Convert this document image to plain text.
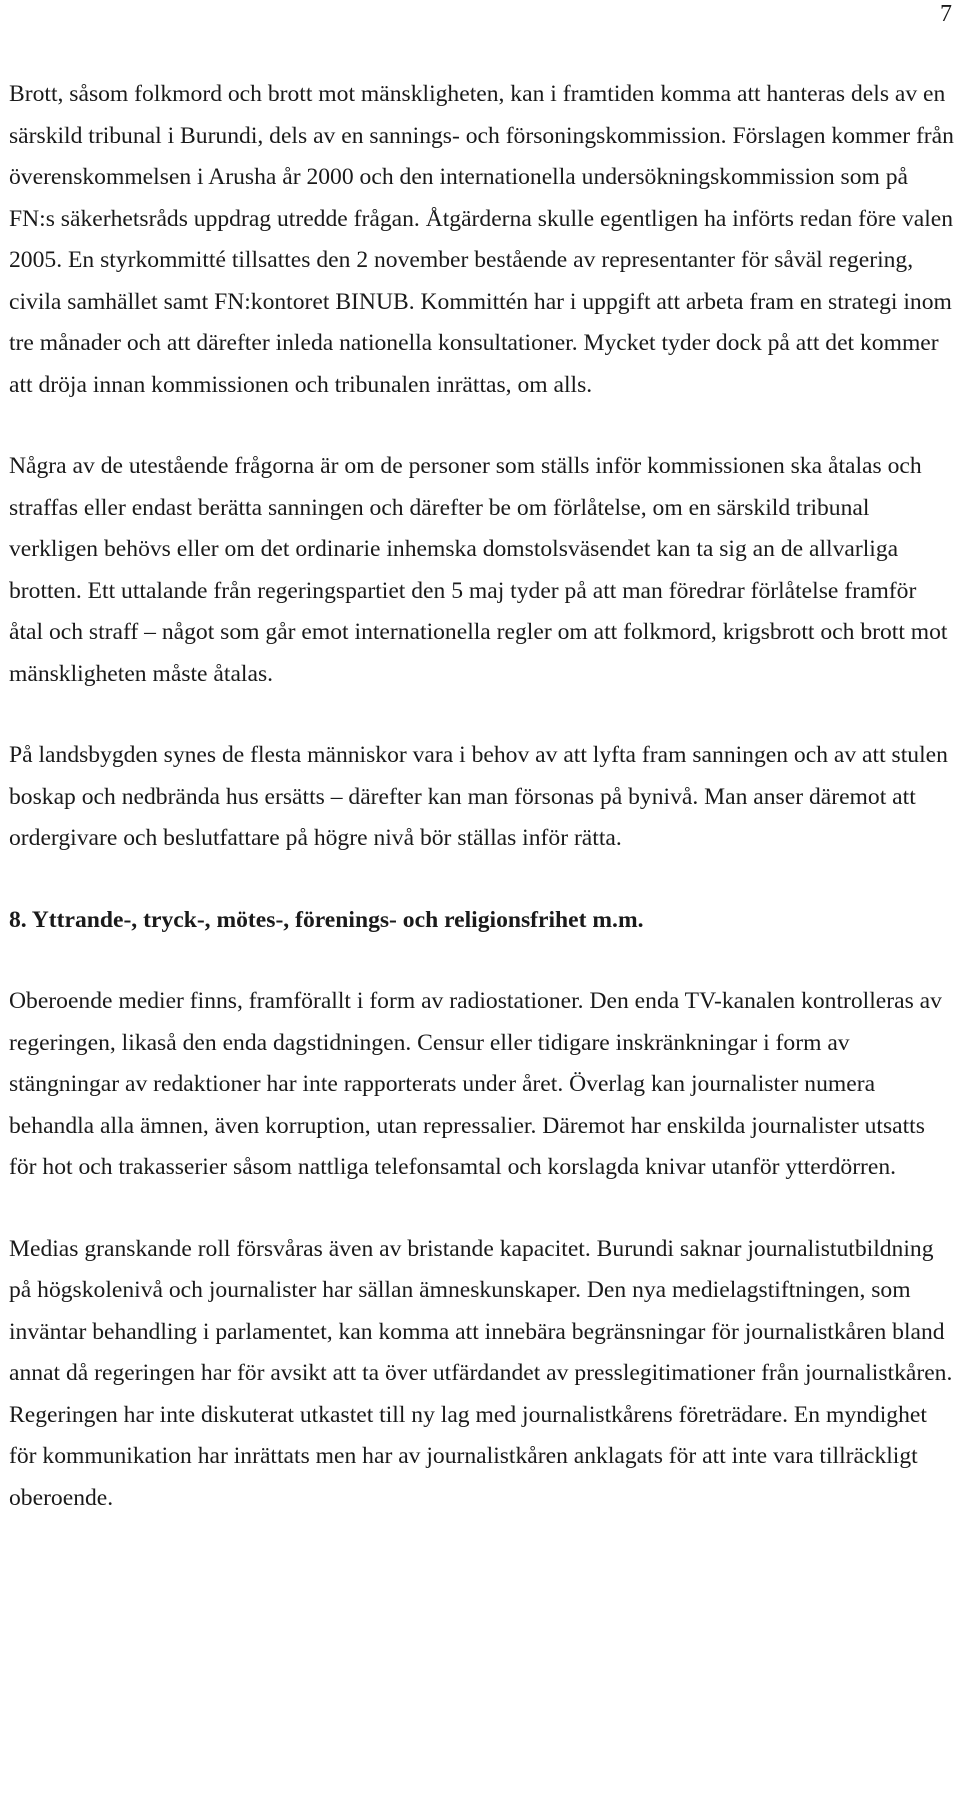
7

Brott, såsom folkmord och brott mot mänskligheten, kan i framtiden komma att hanteras dels av en särskild tribunal i Burundi, dels av en sannings- och försoningskommission. Förslagen kommer från överenskommelsen i Arusha år 2000 och den internationella undersökningskommission som på FN:s säkerhetsråds uppdrag utredde frågan. Åtgärderna skulle egentligen ha införts redan före valen 2005. En styrkommitté tillsattes den 2 november bestående av representanter för såväl regering, civila samhället samt FN:kontoret BINUB. Kommittén har i uppgift att arbeta fram en strategi inom tre månader och att därefter inleda nationella konsultationer. Mycket tyder dock på att det kommer att dröja innan kommissionen och tribunalen inrättas, om alls.

Några av de utestående frågorna är om de personer som ställs inför kommissionen ska åtalas och straffas eller endast berätta sanningen och därefter be om förlåtelse, om en särskild tribunal verkligen behövs eller om det ordinarie inhemska domstolsväsendet kan ta sig an de allvarliga brotten. Ett uttalande från regeringspartiet den 5 maj tyder på att man föredrar förlåtelse framför åtal och straff – något som går emot internationella regler om att folkmord, krigsbrott och brott mot mänskligheten måste åtalas.

På landsbygden synes de flesta människor vara i behov av att lyfta fram sanningen och av att stulen boskap och nedbrända hus ersätts – därefter kan man försonas på bynivå. Man anser däremot att ordergivare och beslutfattare på högre nivå bör ställas inför rätta.

8. Yttrande-, tryck-, mötes-, förenings- och religionsfrihet m.m.

Oberoende medier finns, framförallt i form av radiostationer. Den enda TV-kanalen kontrolleras av regeringen, likaså den enda dagstidningen. Censur eller tidigare inskränkningar i form av stängningar av redaktioner har inte rapporterats under året. Överlag kan journalister numera behandla alla ämnen, även korruption, utan repressalier. Däremot har enskilda journalister utsatts för hot och trakasserier såsom nattliga telefonsamtal och korslagda knivar utanför ytterdörren.

Medias granskande roll försvåras även av bristande kapacitet. Burundi saknar journalistutbildning på högskolenivå och journalister har sällan ämneskunskaper. Den nya medielagstiftningen, som inväntar behandling i parlamentet, kan komma att innebära begränsningar för journalistkåren bland annat då regeringen har för avsikt att ta över utfärdandet av presslegitimationer från journalistkåren. Regeringen har inte diskuterat utkastet till ny lag med journalistkårens företrädare. En myndighet för kommunikation har inrättats men har av journalistkåren anklagats för att inte vara tillräckligt oberoende.
